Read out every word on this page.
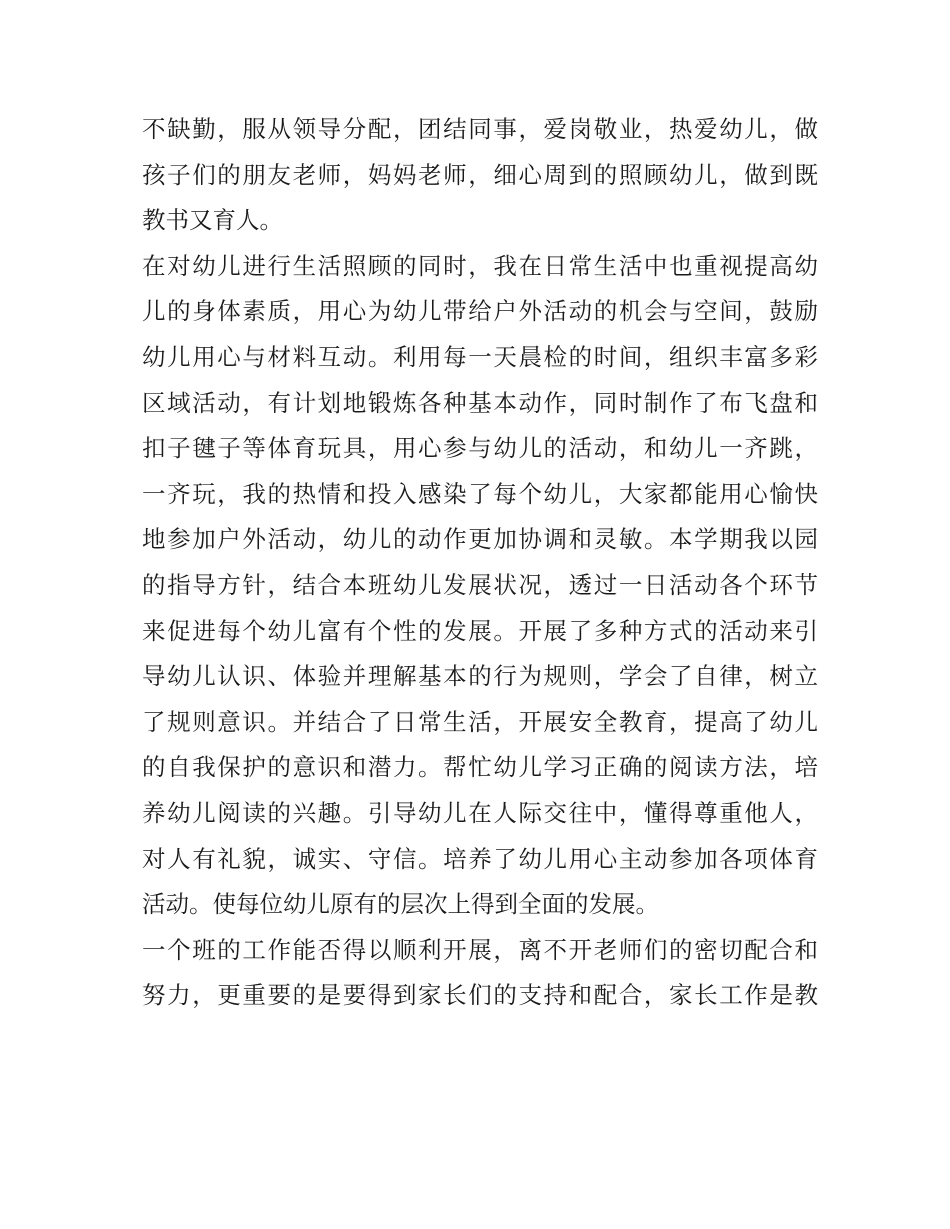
不缺勤，服从领导分配，团结同事，爱岗敬业，热爱幼儿，做
孩子们的朋友老师，妈妈老师，细心周到的照顾幼儿，做到既
教书又育人。
在对幼儿进行生活照顾的同时，我在日常生活中也重视提高幼
儿的身体素质，用心为幼儿带给户外活动的机会与空间，鼓励
幼儿用心与材料互动。利用每一天晨检的时间，组织丰富多彩
区域活动，有计划地锻炼各种基本动作，同时制作了布飞盘和
扣子毽子等体育玩具，用心参与幼儿的活动，和幼儿一齐跳，
一齐玩，我的热情和投入感染了每个幼儿，大家都能用心愉快
地参加户外活动，幼儿的动作更加协调和灵敏。本学期我以园
的指导方针，结合本班幼儿发展状况，透过一日活动各个环节
来促进每个幼儿富有个性的发展。开展了多种方式的活动来引
导幼儿认识、体验并理解基本的行为规则，学会了自律，树立
了规则意识。并结合了日常生活，开展安全教育，提高了幼儿
的自我保护的意识和潜力。帮忙幼儿学习正确的阅读方法，培
养幼儿阅读的兴趣。引导幼儿在人际交往中，懂得尊重他人，
对人有礼貌，诚实、守信。培养了幼儿用心主动参加各项体育
活动。使每位幼儿原有的层次上得到全面的发展。
一个班的工作能否得以顺利开展，离不开老师们的密切配合和
努力，更重要的是要得到家长们的支持和配合，家长工作是教
